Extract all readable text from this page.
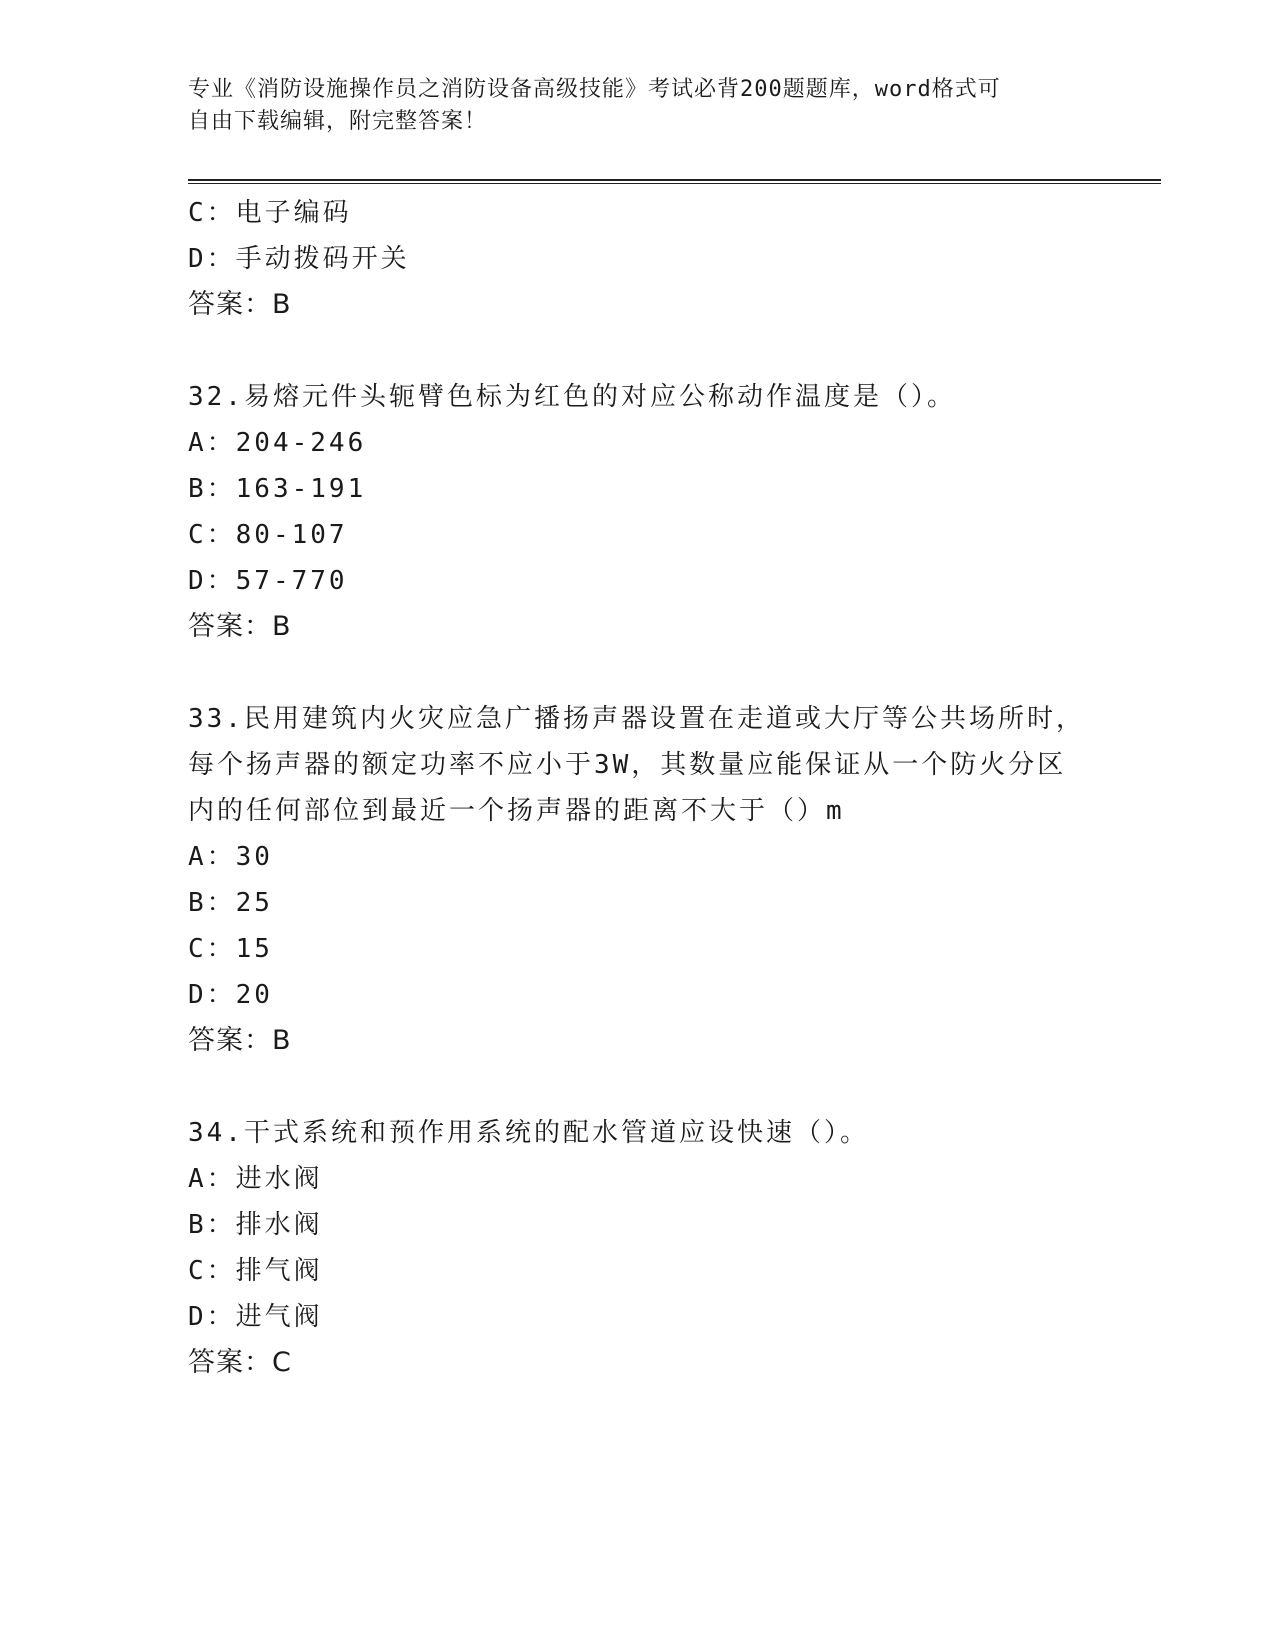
专业《消防设施操作员之消防设备高级技能》考试必背200题题库，word格式可
自由下载编辑，附完整答案！
C：电子编码
D：手动拨码开关
答案：B
32.易熔元件头轭臂色标为红色的对应公称动作温度是（）。
A：204-246
B：163-191
C：80-107
D：57-770
答案：B
33.民用建筑内火灾应急广播扬声器设置在走道或大厅等公共场所时，
每个扬声器的额定功率不应小于3W，其数量应能保证从一个防火分区
内的任何部位到最近一个扬声器的距离不大于（）m
A：30
B：25
C：15
D：20
答案：B
34.干式系统和预作用系统的配水管道应设快速（）。
A：进水阀
B：排水阀
C：排气阀
D：进气阀
答案：C
